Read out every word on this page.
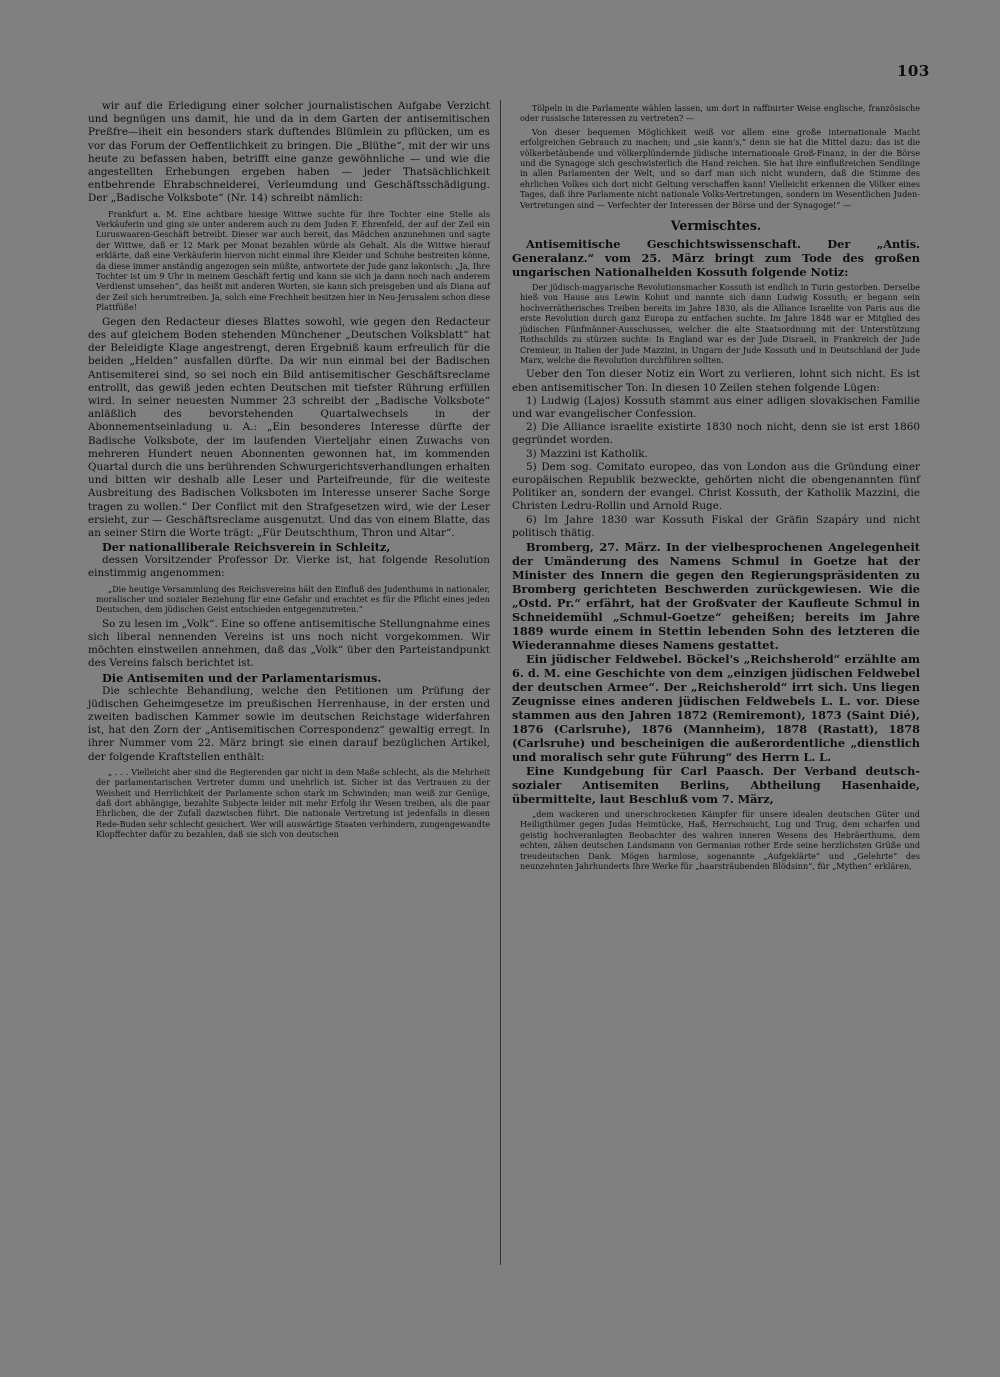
103

wir auf die Erledigung einer solcher journalistischen Aufgabe Verzicht und begnügen uns damit, hie und da in dem Garten der antisemitischen Preßfre—iheit ein besonders stark duftendes Blümlein zu pflücken, um es vor das Forum der Oeffentlichkeit zu bringen. Die „Blüthe“, mit der wir uns heute zu befassen haben, betrifft eine ganze gewöhnliche — und wie die angestellten Erhebungen ergeben haben — jeder Thatsächlichkeit entbehrende Ehrabschneiderei, Verleumdung und Geschäftsschädigung. Der „Badische Volksbote“ (Nr. 14) schreibt nämlich:

Frankfurt a. M. Eine achtbare hiesige Wittwe suchte für ihre Tochter eine Stelle als Verkäuferin und ging sie unter anderem auch zu dem Juden F. Ehrenfeld, der auf der Zeil ein Luruswaaren-Geschäft betreibt. Dieser war auch bereit, das Mädchen anzunehmen und sagte der Wittwe, daß er 12 Mark per Monat bezahlen würde als Gehalt. Als die Wittwe hierauf erklärte, daß eine Verkäuferin hiervon nicht einmal ihre Kleider und Schuhe bestreiten könne, da diese immer anständig angezogen sein müßte, antwortete der Jude ganz lakonisch: „Ja, Ihre Tochter ist um 9 Uhr in meinem Geschäft fertig und kann sie sich ja dann noch nach anderem Verdienst umsehen“, das heißt mit anderen Worten, sie kann sich preisgeben und als Diana auf der Zeil sich herumtreiben. Ja, solch eine Frechheit besitzen hier in Neu-Jerusalem schon diese Plattfüße!

Gegen den Redacteur dieses Blattes sowohl, wie gegen den Redacteur des auf gleichem Boden stehenden Münchener „Deutschen Volksblatt“ hat der Beleidigte Klage angestrengt, deren Ergebniß kaum erfreulich für die beiden „Helden“ ausfallen dürfte. Da wir nun einmal bei der Badischen Antisemiterei sind, so sei noch ein Bild antisemitischer Geschäftsreclame entrollt, das gewiß jeden echten Deutschen mit tiefster Rührung erfüllen wird. In seiner neuesten Nummer 23 schreibt der „Badische Volksbote“ anläßlich des bevorstehenden Quartalwechsels in der Abonnementseinladung u. A.: „Ein besonderes Interesse dürfte der Badische Volksbote, der im laufenden Vierteljahr einen Zuwachs von mehreren Hundert neuen Abonnenten gewonnen hat, im kommenden Quartal durch die uns berührenden Schwurgerichtsverhandlungen erhalten und bitten wir deshalb alle Leser und Parteifreunde, für die weiteste Ausbreitung des Badischen Volksboten im Interesse unserer Sache Sorge tragen zu wollen.“ Der Conflict mit den Strafgesetzen wird, wie der Leser ersieht, zur — Geschäftsreclame ausgenutzt. Und das von einem Blatte, das an seiner Stirn die Worte trägt: „Für Deutschthum, Thron und Altar“.

Der nationalliberale Reichsverein in Schleitz,

dessen Vorsitzender Professor Dr. Vierke ist, hat folgende Resolution einstimmig angenommen:

„Die heutige Versammlung des Reichsvereins hält den Einfluß des Judenthums in nationaler, moralischer und sozialer Beziehung für eine Gefahr und erachtet es für die Pflicht eines jeden Deutschen, dem jüdischen Geist entschieden entgegenzutreten.“

So zu lesen im „Volk“. Eine so offene antisemitische Stellungnahme eines sich liberal nennenden Vereins ist uns noch nicht vorgekommen. Wir möchten einstweilen annehmen, daß das „Volk“ über den Parteistandpunkt des Vereins falsch berichtet ist.

Die Antisemiten und der Parlamentarismus.

Die schlechte Behandlung, welche den Petitionen um Prüfung der jüdischen Geheimgesetze im preußischen Herrenhause, in der ersten und zweiten badischen Kammer sowie im deutschen Reichstage widerfahren ist, hat den Zorn der „Antisemitischen Correspondenz“ gewaltig erregt. In ihrer Nummer vom 22. März bringt sie einen darauf bezüglichen Artikel, der folgende Kraftstellen enthält:

„ . . . Vielleicht aber sind die Regierenden gar nicht in dem Maße schlecht, als die Mehrheit der parlamentarischen Vertreter dumm und unehrlich ist. Sicher ist das Vertrauen zu der Weisheit und Herrlichkeit der Parlamente schon stark im Schwinden; man weiß zur Genüge, daß dort abhängige, bezahlte Subjecte leider mit mehr Erfolg ihr Wesen treiben, als die paar Ehrlichen, die der Zufall dazwischen führt. Die nationale Vertretung ist jedenfalls in diesen Rede-Buden sehr schlecht gesichert. Wer will auswärtige Staaten verhindern, zungengewandte Klopffechter dafür zu bezahlen, daß sie sich von deutschen

Tölpeln in die Parlamente wählen lassen, um dort in raffinirter Weise englische, französische oder russische Interessen zu vertreten? —

Von dieser bequemen Möglichkeit weiß vor allem eine große internationale Macht erfolgreichen Gebrauch zu machen; und „sie kann's,“ denn sie hat die Mittel dazu: das ist die völkerbetäubende und völkerplündernde jüdische internationale Groß-Finanz, in der die Börse und die Synagoge sich geschwisterlich die Hand reichen. Sie hat ihre einflußreichen Sendlinge in allen Parlamenten der Welt, und so darf man sich nicht wundern, daß die Stimme des ehrlichen Volkes sich dort nicht Geltung verschaffen kann! Vielleicht erkennen die Völker eines Tages, daß ihre Parlamente nicht nationale Volks-Vertretungen, sondern im Wesentlichen Juden-Vertretungen sind — Verfechter der Interessen der Börse und der Synagoge!“ —

Vermischtes.

Antisemitische Geschichtswissenschaft. Der „Antis. Generalanz.“ vom 25. März bringt zum Tode des großen ungarischen Nationalhelden Kossuth folgende Notiz:

Der jüdisch-magyarische Revolutionsmacher Kossuth ist endlich in Turin gestorben. Derselbe hieß von Hause aus Lewin Kohut und nannte sich dann Ludwig Kossuth; er begann sein hochverrätherisches Treiben bereits im Jahre 1830, als die Alliance Israelite von Paris aus die erste Revolution durch ganz Europa zu entfachen suchte. Im Jahre 1848 war er Mitglied des jüdischen Fünfmänner-Ausschusses, welcher die alte Staatsordnung mit der Unterstützung Rothschilds zu stürzen suchte: In England war es der Jude Disraeli, in Frankreich der Jude Cremieur, in Italien der Jude Mazzini, in Ungarn der Jude Kossuth und in Deutschland der Jude Marx, welche die Revolution durchführen sollten.

Ueber den Ton dieser Notiz ein Wort zu verlieren, lohnt sich nicht. Es ist eben antisemitischer Ton. In diesen 10 Zeilen stehen folgende Lügen:

1) Ludwig (Lajos) Kossuth stammt aus einer adligen slovakischen Familie und war evangelischer Confession.

2) Die Alliance israelite existirte 1830 noch nicht, denn sie ist erst 1860 gegründet worden.

3) Mazzini ist Katholik.

5) Dem sog. Comitato europeo, das von London aus die Gründung einer europäischen Republik bezweckte, gehörten nicht die obengenannten fünf Politiker an, sondern der evangel. Christ Kossuth, der Katholik Mazzini, die Christen Ledru-Rollin und Arnold Ruge.

6) Im Jahre 1830 war Kossuth Fiskal der Gräfin Szapáry und nicht politisch thätig.

Bromberg, 27. März. In der vielbesprochenen Angelegenheit der Umänderung des Namens Schmul in Goetze hat der Minister des Innern die gegen den Regierungspräsidenten zu Bromberg gerichteten Beschwerden zurückgewiesen. Wie die „Ostd. Pr.“ erfährt, hat der Großvater der Kaufleute Schmul in Schneidemühl „Schmul-Goetze“ geheißen; bereits im Jahre 1889 wurde einem in Stettin lebenden Sohn des letzteren die Wiederannahme dieses Namens gestattet.

Ein jüdischer Feldwebel. Böckel's „Reichsherold“ erzählte am 6. d. M. eine Geschichte von dem „einzigen jüdischen Feldwebel der deutschen Armee“. Der „Reichsherold“ irrt sich. Uns liegen Zeugnisse eines anderen jüdischen Feldwebels L. L. vor. Diese stammen aus den Jahren 1872 (Remiremont), 1873 (Saint Dié), 1876 (Carlsruhe), 1876 (Mannheim), 1878 (Rastatt), 1878 (Carlsruhe) und bescheinigen die außerordentliche „dienstlich und moralisch sehr gute Führung“ des Herrn L. L.

Eine Kundgebung für Carl Paasch. Der Verband deutsch-sozialer Antisemiten Berlins, Abtheilung Hasenhaide, übermittelte, laut Beschluß vom 7. März,

„dem wackeren und unerschrockenen Kämpfer für unsere idealen deutschen Güter und Heiligthümer gegen Judas Heimtücke, Haß, Herrschsucht, Lug und Trug, dem scharfen und geistig hochveranlagten Beobachter des wahren inneren Wesens des Hebräerthums, dem echten, zähen deutschen Landsmann von Germanias rother Erde seine herzlichsten Grüße und treudeutschen Dank. Mögen harmlose, sogenannte „Aufgeklärte“ und „Gelehrte“ des neunzehnten Jahrhunderts Ihre Werke für „haarsträubenden Blödsinn“, für „Mythen“ erklären,
